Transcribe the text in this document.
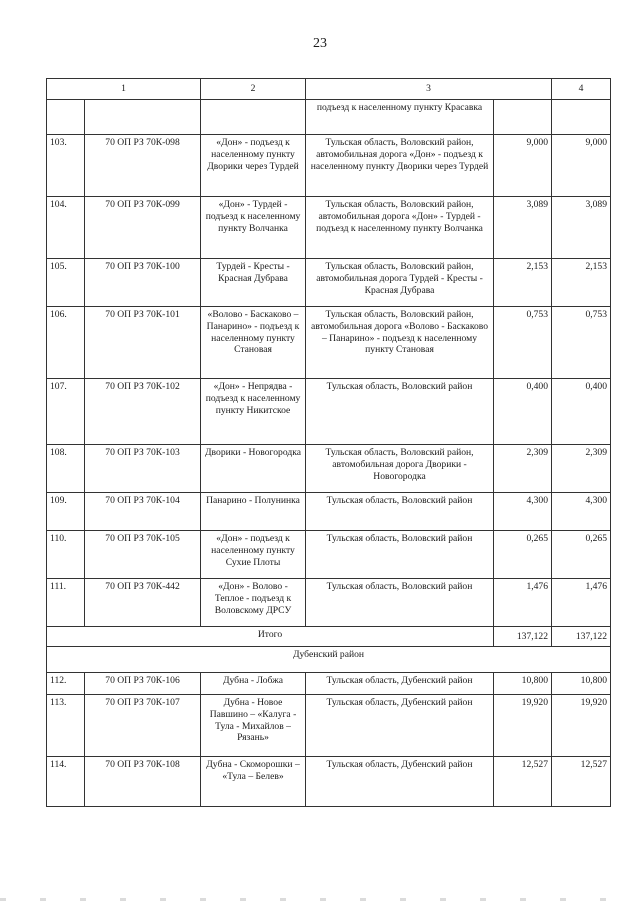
23
1		2	3		4
			подъезд к населенному пункту Красавка		
103.	70 ОП РЗ 70К-098	«Дон» - подъезд к населенному пункту Дворики через Турдей	Тульская область, Воловский район, автомобильная дорога «Дон» - подъезд к населенному пункту Дворики через Турдей	9,000	9,000
104.	70 ОП РЗ 70К-099	«Дон» - Турдей - подъезд к населенному пункту Волчанка	Тульская область, Воловский район, автомобильная дорога «Дон» - Турдей - подъезд к населенному пункту Волчанка	3,089	3,089
105.	70 ОП РЗ 70К-100	Турдей - Кресты - Красная Дубрава	Тульская область, Воловский район, автомобильная дорога Турдей - Кресты - Красная Дубрава	2,153	2,153
106.	70 ОП РЗ 70К-101	«Волово - Баскаково – Панарино» - подъезд к населенному пункту Становая	Тульская область, Воловский район, автомобильная дорога «Волово - Баскаково – Панарино» - подъезд к населенному пункту Становая	0,753	0,753
107.	70 ОП РЗ 70К-102	«Дон» - Непрядва - подъезд к населенному пункту Никитское	Тульская область, Воловский район	0,400	0,400
108.	70 ОП РЗ 70К-103	Дворики - Новогородка	Тульская область, Воловский район, автомобильная дорога Дворики - Новогородка	2,309	2,309
109.	70 ОП РЗ 70К-104	Панарино - Полунинка	Тульская область, Воловский район	4,300	4,300
110.	70 ОП РЗ 70К-105	«Дон» - подъезд к населенному пункту Сухие Плоты	Тульская область, Воловский район	0,265	0,265
111.	70 ОП РЗ 70К-442	«Дон» - Волово - Теплое - подъезд к Воловскому ДРСУ	Тульская область, Воловский район	1,476	1,476
Итого				137,122	137,122
Дубенский район					
112.	70 ОП РЗ 70К-106	Дубна - Лобжа	Тульская область, Дубенский район	10,800	10,800
113.	70 ОП РЗ 70К-107	Дубна - Новое Павшино – «Калуга - Тула - Михайлов – Рязань»	Тульская область, Дубенский район	19,920	19,920
114.	70 ОП РЗ 70К-108	Дубна - Скоморошки – «Тула – Белев»	Тульская область, Дубенский район	12,527	12,527
